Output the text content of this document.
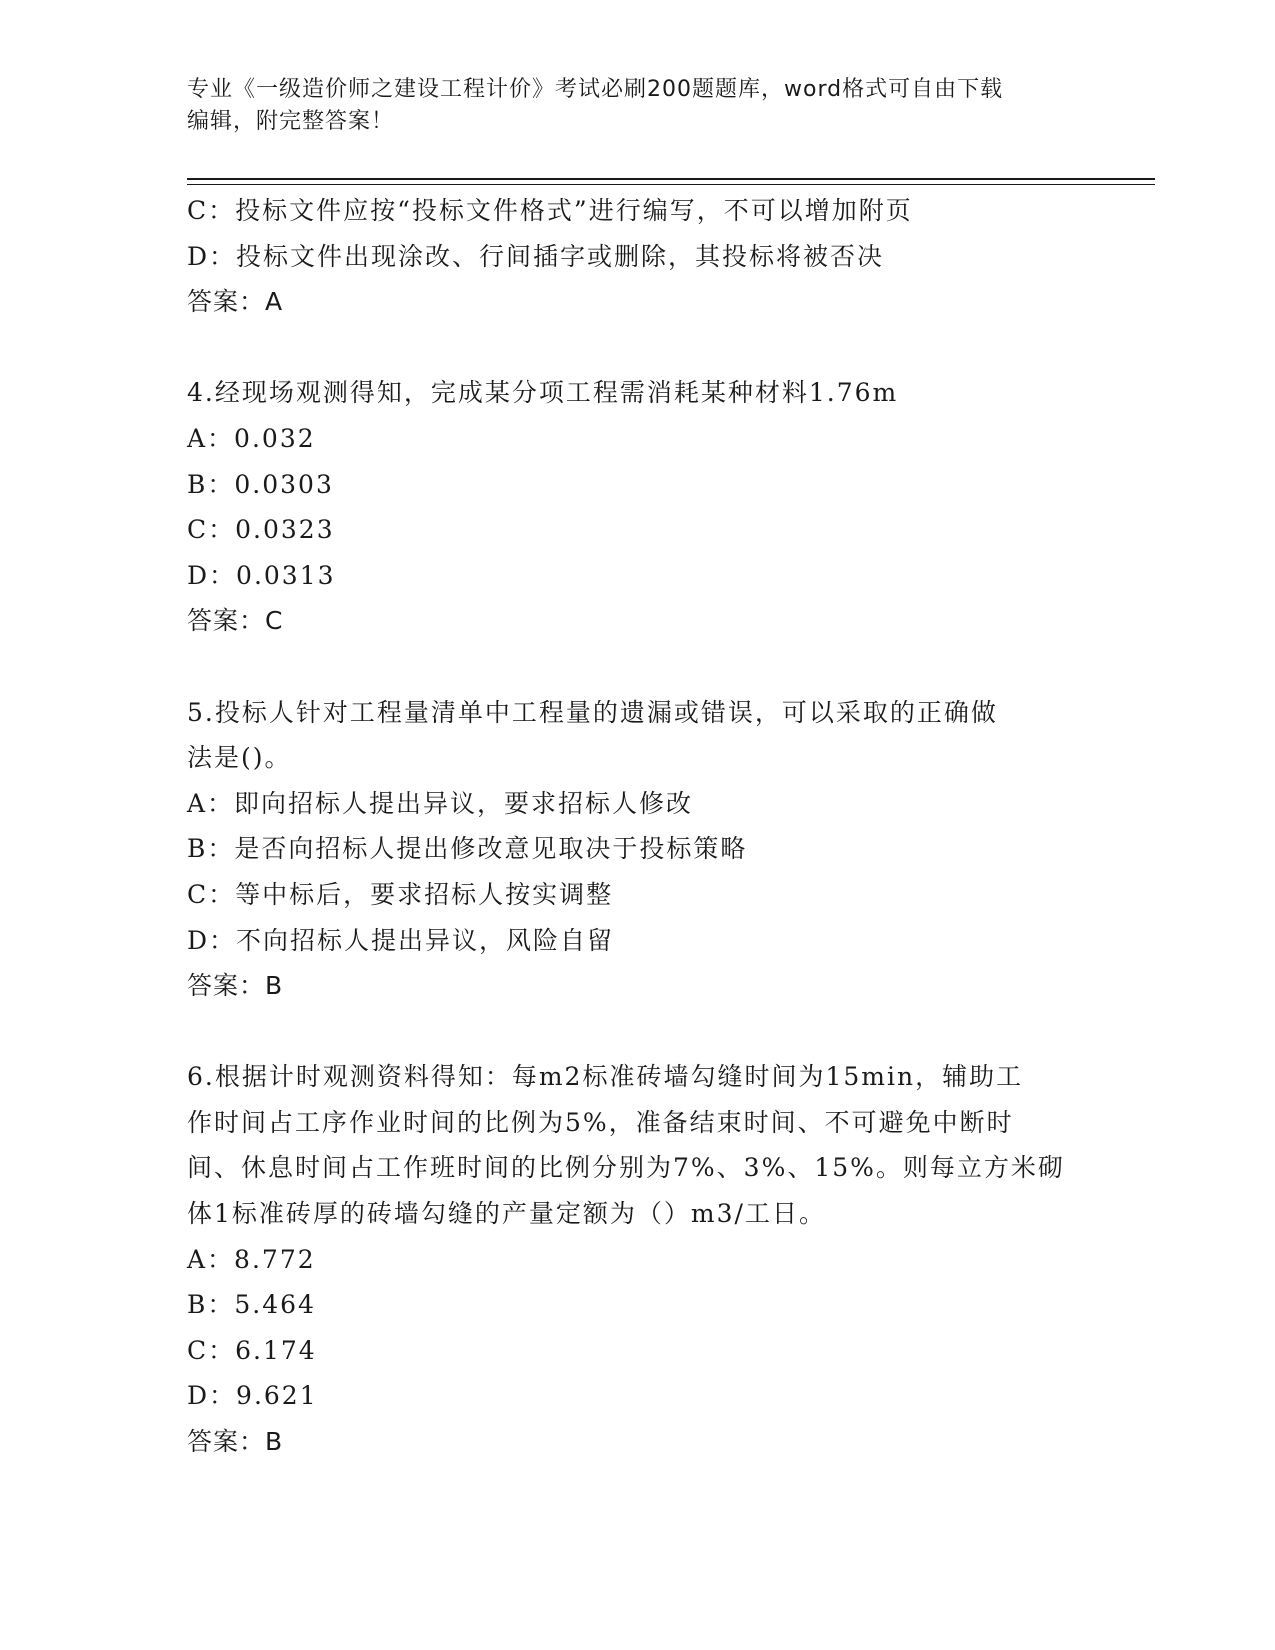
专业《一级造价师之建设工程计价》考试必刷200题题库，word格式可自由下载
编辑，附完整答案！
C：投标文件应按“投标文件格式”进行编写，不可以增加附页
D：投标文件出现涂改、行间插字或删除，其投标将被否决
答案：A
4.经现场观测得知，完成某分项工程需消耗某种材料1.76m
A：0.032
B：0.0303
C：0.0323
D：0.0313
答案：C
5.投标人针对工程量清单中工程量的遗漏或错误，可以采取的正确做
法是()。
A：即向招标人提出异议，要求招标人修改
B：是否向招标人提出修改意见取决于投标策略
C：等中标后，要求招标人按实调整
D：不向招标人提出异议，风险自留
答案：B
6.根据计时观测资料得知：每m2标准砖墙勾缝时间为15min，辅助工
作时间占工序作业时间的比例为5%，准备结束时间、不可避免中断时
间、休息时间占工作班时间的比例分别为7%、3%、15%。则每立方米砌
体1标准砖厚的砖墙勾缝的产量定额为（）m3/工日。
A：8.772
B：5.464
C：6.174
D：9.621
答案：B
